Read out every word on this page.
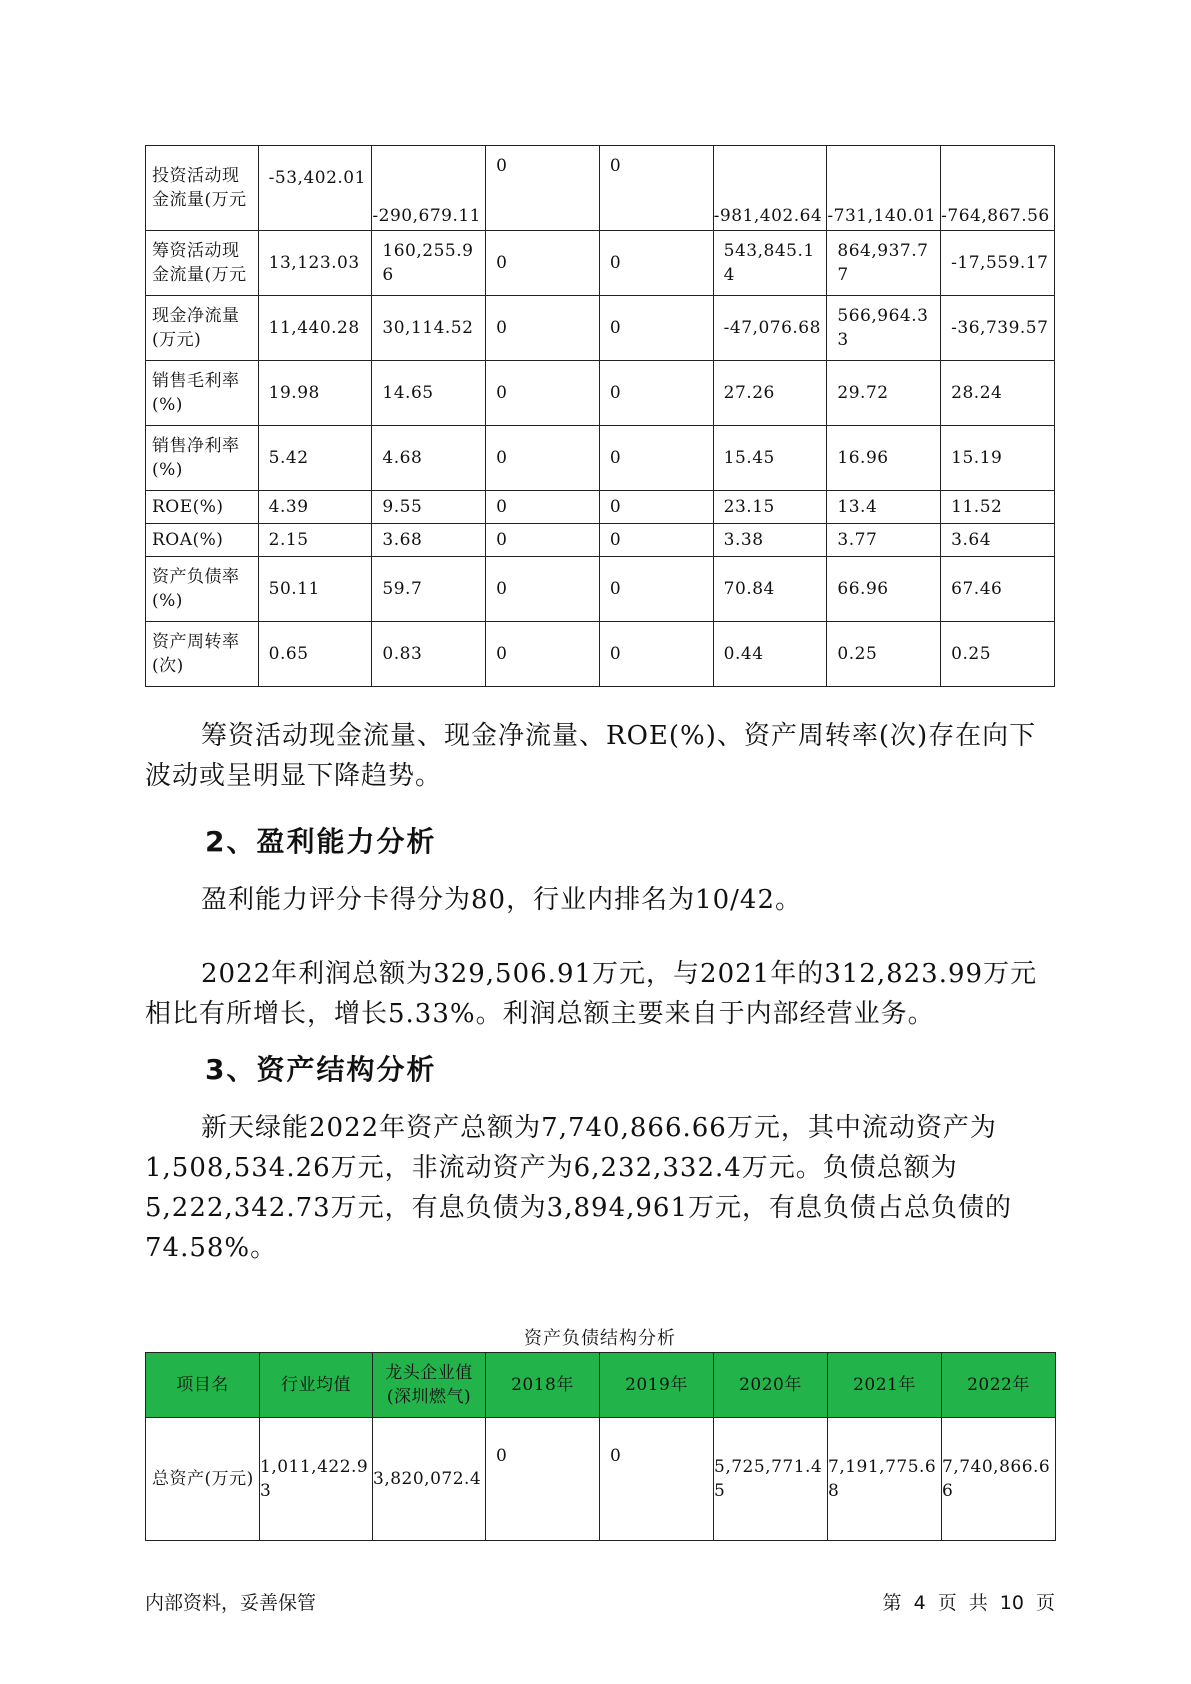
投资活动现金流量(万元	-53,402.01	-290,679.11	0	0	-981,402.64	-731,140.01	-764,867.56
筹资活动现金流量(万元	13,123.03	160,255.96	0	0	543,845.14	864,937.77	-17,559.17
现金净流量(万元)	11,440.28	30,114.52	0	0	-47,076.68	566,964.33	-36,739.57
销售毛利率(%)	19.98	14.65	0	0	27.26	29.72	28.24
销售净利率(%)	5.42	4.68	0	0	15.45	16.96	15.19
ROE(%)	4.39	9.55	0	0	23.15	13.4	11.52
ROA(%)	2.15	3.68	0	0	3.38	3.77	3.64
资产负债率(%)	50.11	59.7	0	0	70.84	66.96	67.46
资产周转率(次)	0.65	0.83	0	0	0.44	0.25	0.25

筹资活动现金流量、现金净流量、ROE(%)、资产周转率(次)存在向下波动或呈明显下降趋势。

2、盈利能力分析

盈利能力评分卡得分为80，行业内排名为10/42。

2022年利润总额为329,506.91万元，与2021年的312,823.99万元相比有所增长，增长5.33%。利润总额主要来自于内部经营业务。

3、资产结构分析

新天绿能2022年资产总额为7,740,866.66万元，其中流动资产为1,508,534.26万元，非流动资产为6,232,332.4万元。负债总额为5,222,342.73万元，有息负债为3,894,961万元，有息负债占总负债的74.58%。

资产负债结构分析
项目名	行业均值	龙头企业值(深圳燃气)	2018年	2019年	2020年	2021年	2022年
总资产(万元)	1,011,422.93	3,820,072.4	0	0	5,725,771.45	7,191,775.68	7,740,866.66
内部资料，妥善保管	第 4 页 共 10 页
